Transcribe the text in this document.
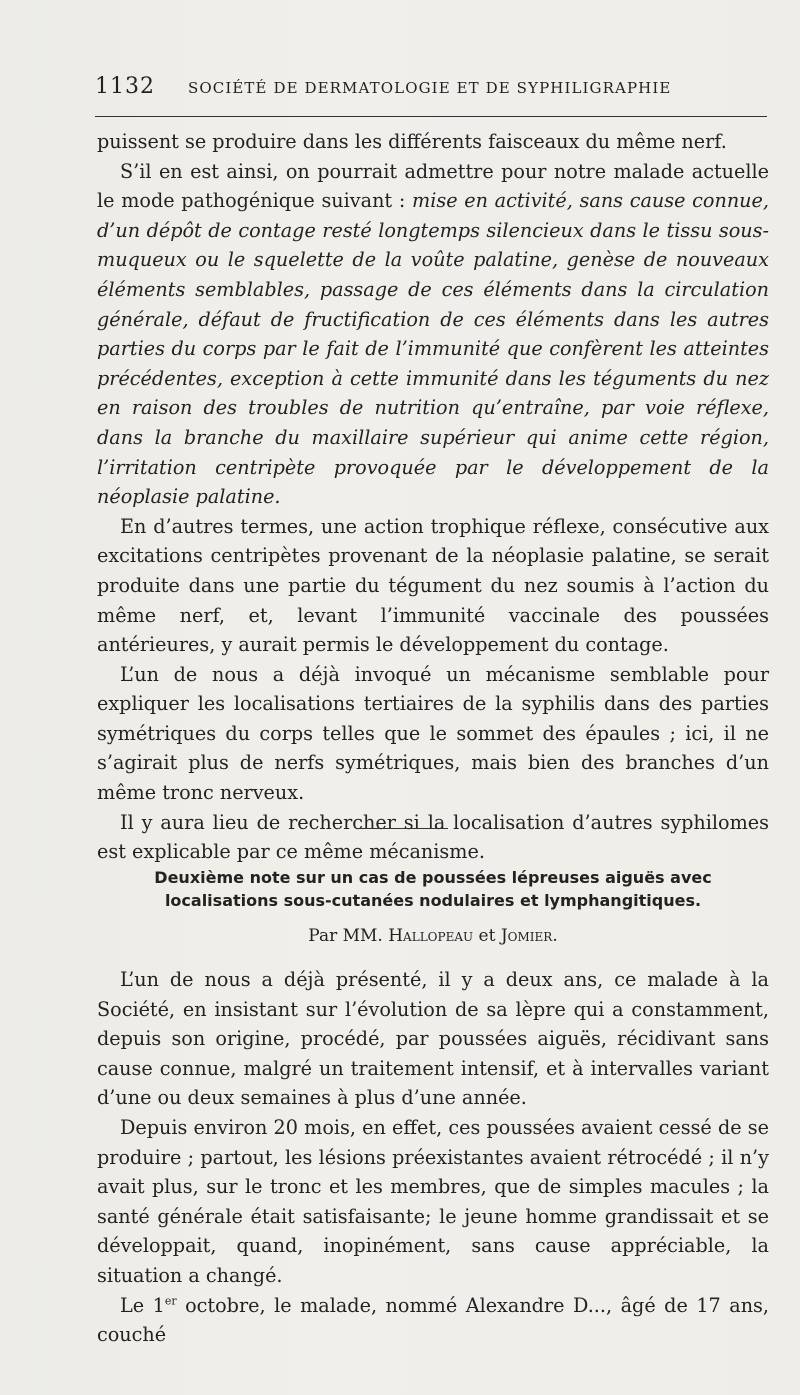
1132 SOCIÉTÉ DE DERMATOLOGIE ET DE SYPHILIGRAPHIE

puissent se produire dans les différents faisceaux du même nerf.

S’il en est ainsi, on pourrait admettre pour notre malade actuelle le mode pathogénique suivant : mise en activité, sans cause connue, d’un dépôt de contage resté longtemps silencieux dans le tissu sous-muqueux ou le squelette de la voûte palatine, genèse de nouveaux éléments semblables, passage de ces éléments dans la circulation générale, défaut de fructification de ces éléments dans les autres parties du corps par le fait de l’immunité que confèrent les atteintes précédentes, exception à cette immunité dans les téguments du nez en raison des troubles de nutrition qu’entraîne, par voie réflexe, dans la branche du maxillaire supérieur qui anime cette région, l’irritation centripète provoquée par le développement de la néoplasie palatine.

En d’autres termes, une action trophique réflexe, consécutive aux excitations centripètes provenant de la néoplasie palatine, se serait produite dans une partie du tégument du nez soumis à l’action du même nerf, et, levant l’immunité vaccinale des poussées antérieures, y aurait permis le développement du contage.

L’un de nous a déjà invoqué un mécanisme semblable pour expliquer les localisations tertiaires de la syphilis dans des parties symétriques du corps telles que le sommet des épaules ; ici, il ne s’agirait plus de nerfs symétriques, mais bien des branches d’un même tronc nerveux.

Il y aura lieu de rechercher si la localisation d’autres syphilomes est explicable par ce même mécanisme.

Deuxième note sur un cas de poussées lépreuses aiguës avec localisations sous-cutanées nodulaires et lymphangitiques.
Par MM. Hallopeau et Jomier.

L’un de nous a déjà présenté, il y a deux ans, ce malade à la Société, en insistant sur l’évolution de sa lèpre qui a constamment, depuis son origine, procédé, par poussées aiguës, récidivant sans cause connue, malgré un traitement intensif, et à intervalles variant d’une ou deux semaines à plus d’une année.

Depuis environ 20 mois, en effet, ces poussées avaient cessé de se produire ; partout, les lésions préexistantes avaient rétrocédé ; il n’y avait plus, sur le tronc et les membres, que de simples macules ; la santé générale était satisfaisante; le jeune homme grandissait et se développait, quand, inopinément, sans cause appréciable, la situation a changé.

Le 1er octobre, le malade, nommé Alexandre D..., âgé de 17 ans, couché
